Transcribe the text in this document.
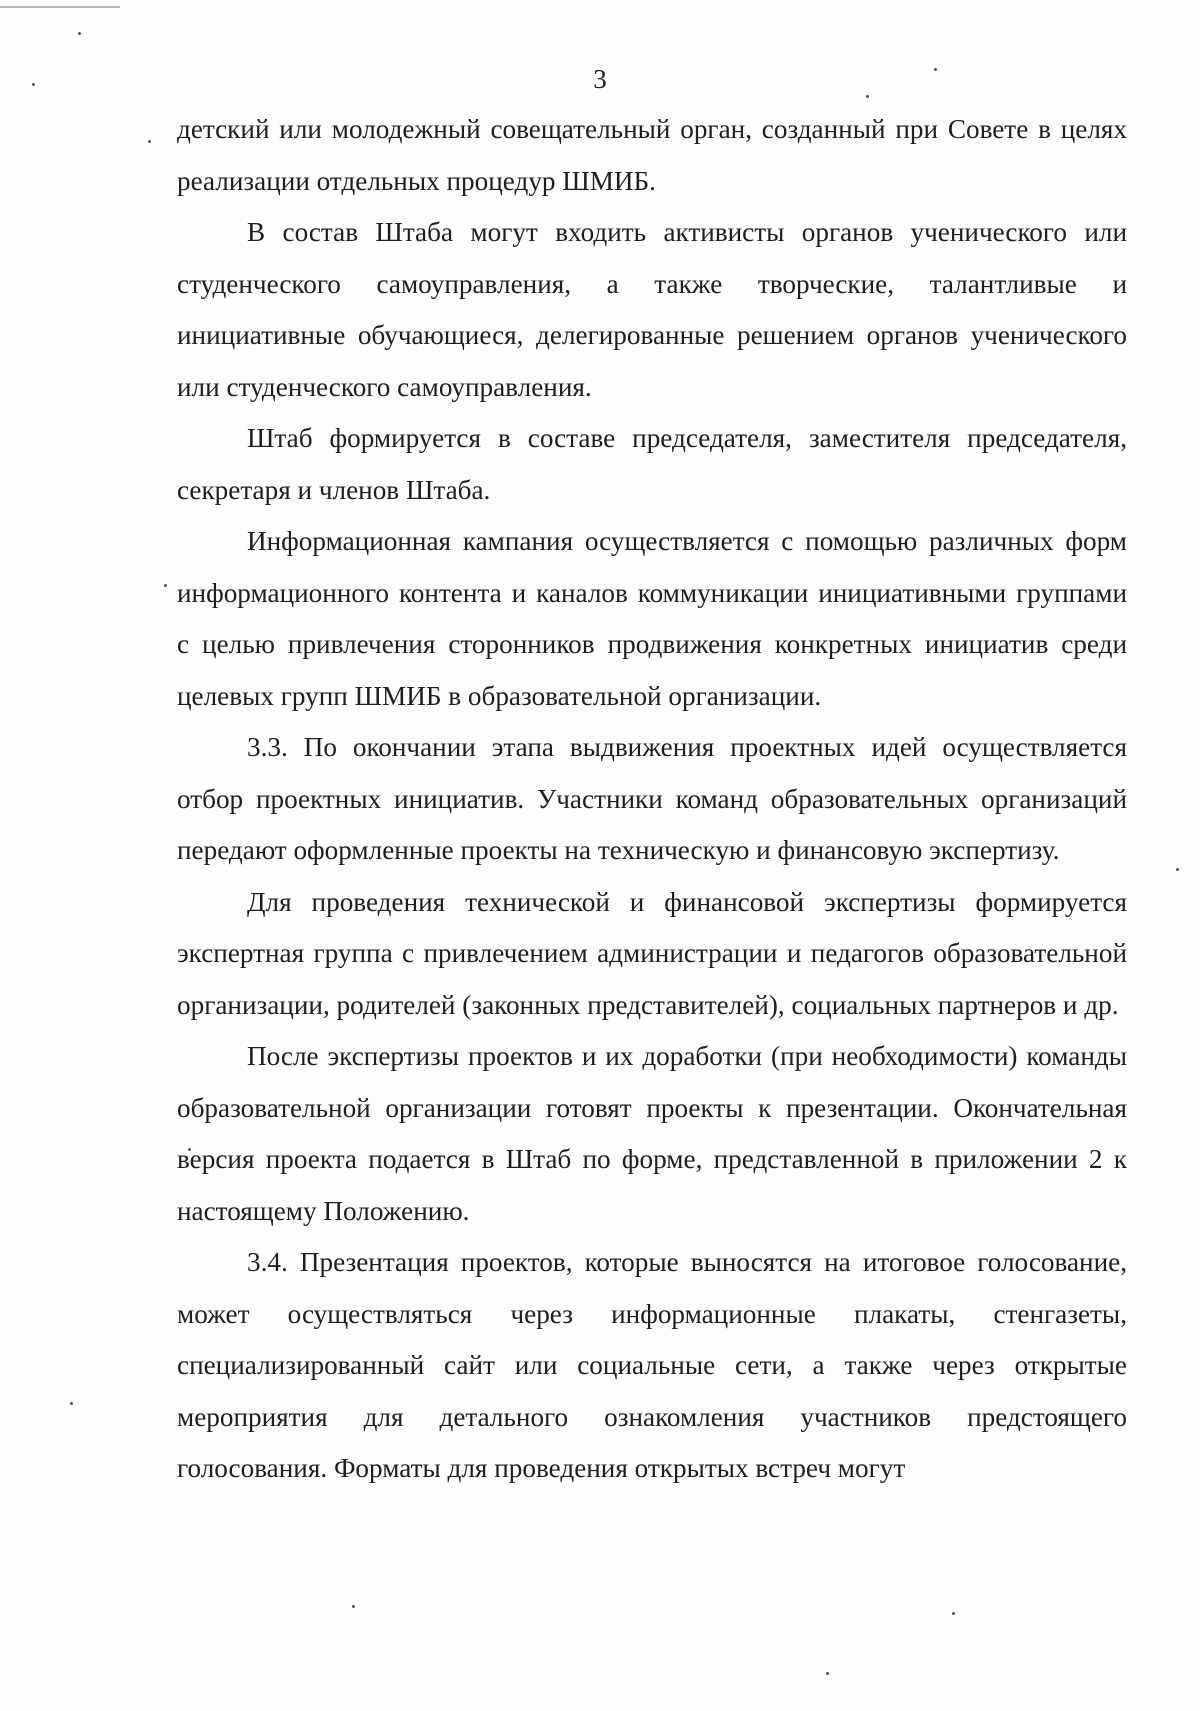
3

детский или молодежный совещательный орган, созданный при Совете в целях реализации отдельных процедур ШМИБ.

В состав Штаба могут входить активисты органов ученического или студенческого самоуправления, а также творческие, талантливые и инициативные обучающиеся, делегированные решением органов ученического или студенческого самоуправления.

Штаб формируется в составе председателя, заместителя председателя, секретаря и членов Штаба.

Информационная кампания осуществляется с помощью различных форм информационного контента и каналов коммуникации инициативными группами с целью привлечения сторонников продвижения конкретных инициатив среди целевых групп ШМИБ в образовательной организации.

3.3. По окончании этапа выдвижения проектных идей осуществляется отбор проектных инициатив. Участники команд образовательных организаций передают оформленные проекты на техническую и финансовую экспертизу.

Для проведения технической и финансовой экспертизы формируется экспертная группа с привлечением администрации и педагогов образовательной организации, родителей (законных представителей), социальных партнеров и др.

После экспертизы проектов и их доработки (при необходимости) команды образовательной организации готовят проекты к презентации. Окончательная версия проекта подается в Штаб по форме, представленной в приложении 2 к настоящему Положению.

3.4. Презентация проектов, которые выносятся на итоговое голосование, может осуществляться через информационные плакаты, стенгазеты, специализированный сайт или социальные сети, а также через открытые мероприятия для детального ознакомления участников предстоящего голосования. Форматы для проведения открытых встреч могут
